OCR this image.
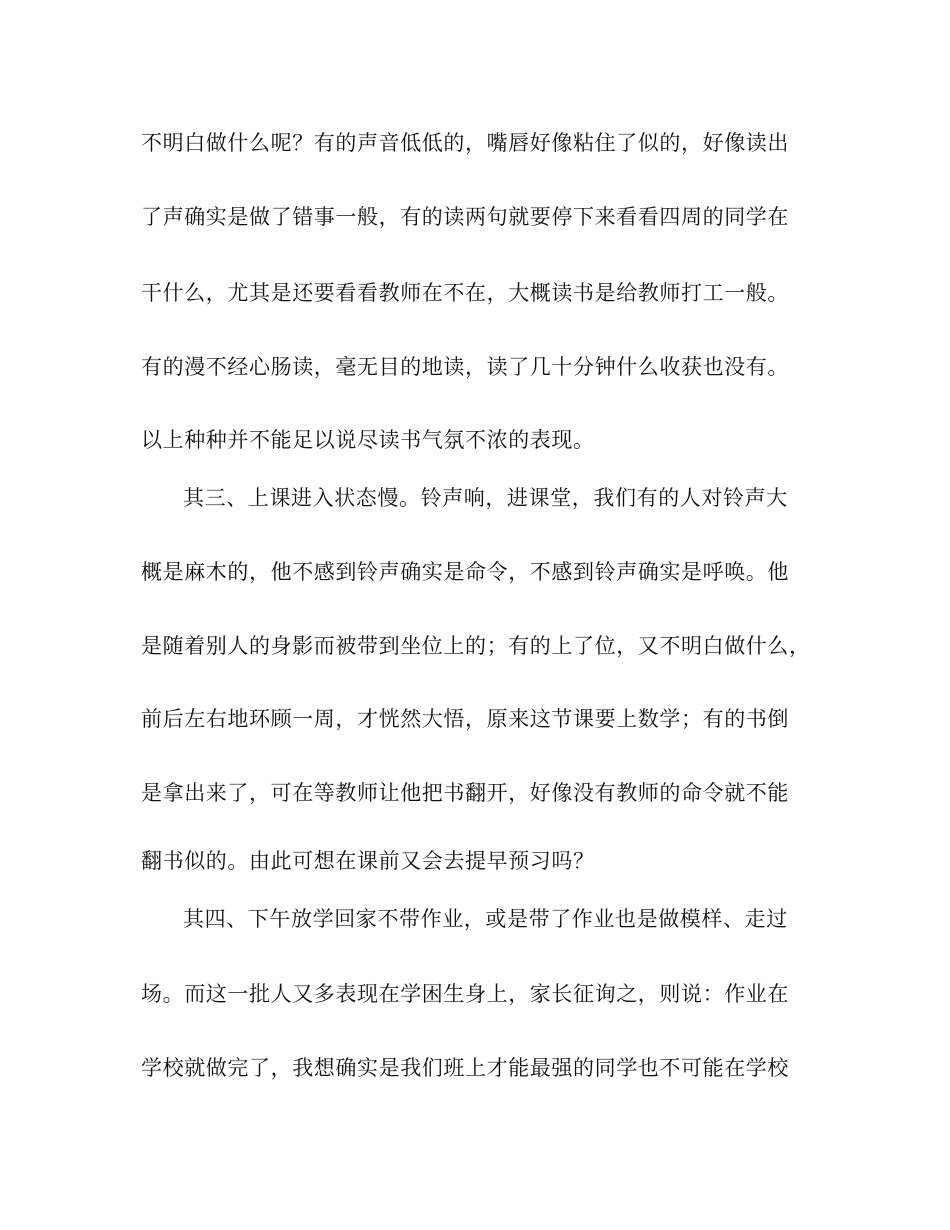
不明白做什么呢？有的声音低低的，嘴唇好像粘住了似的，好像读出
了声确实是做了错事一般，有的读两句就要停下来看看四周的同学在
干什么，尤其是还要看看教师在不在，大概读书是给教师打工一般。
有的漫不经心肠读，毫无目的地读，读了几十分钟什么收获也没有。
以上种种并不能足以说尽读书气氛不浓的表现。
其三、上课进入状态慢。铃声响，进课堂，我们有的人对铃声大
概是麻木的，他不感到铃声确实是命令，不感到铃声确实是呼唤。他
是随着别人的身影而被带到坐位上的；有的上了位，又不明白做什么，
前后左右地环顾一周，才恍然大悟，原来这节课要上数学；有的书倒
是拿出来了，可在等教师让他把书翻开，好像没有教师的命令就不能
翻书似的。由此可想在课前又会去提早预习吗？
其四、下午放学回家不带作业，或是带了作业也是做模样、走过
场。而这一批人又多表现在学困生身上，家长征询之，则说：作业在
学校就做完了，我想确实是我们班上才能最强的同学也不可能在学校
